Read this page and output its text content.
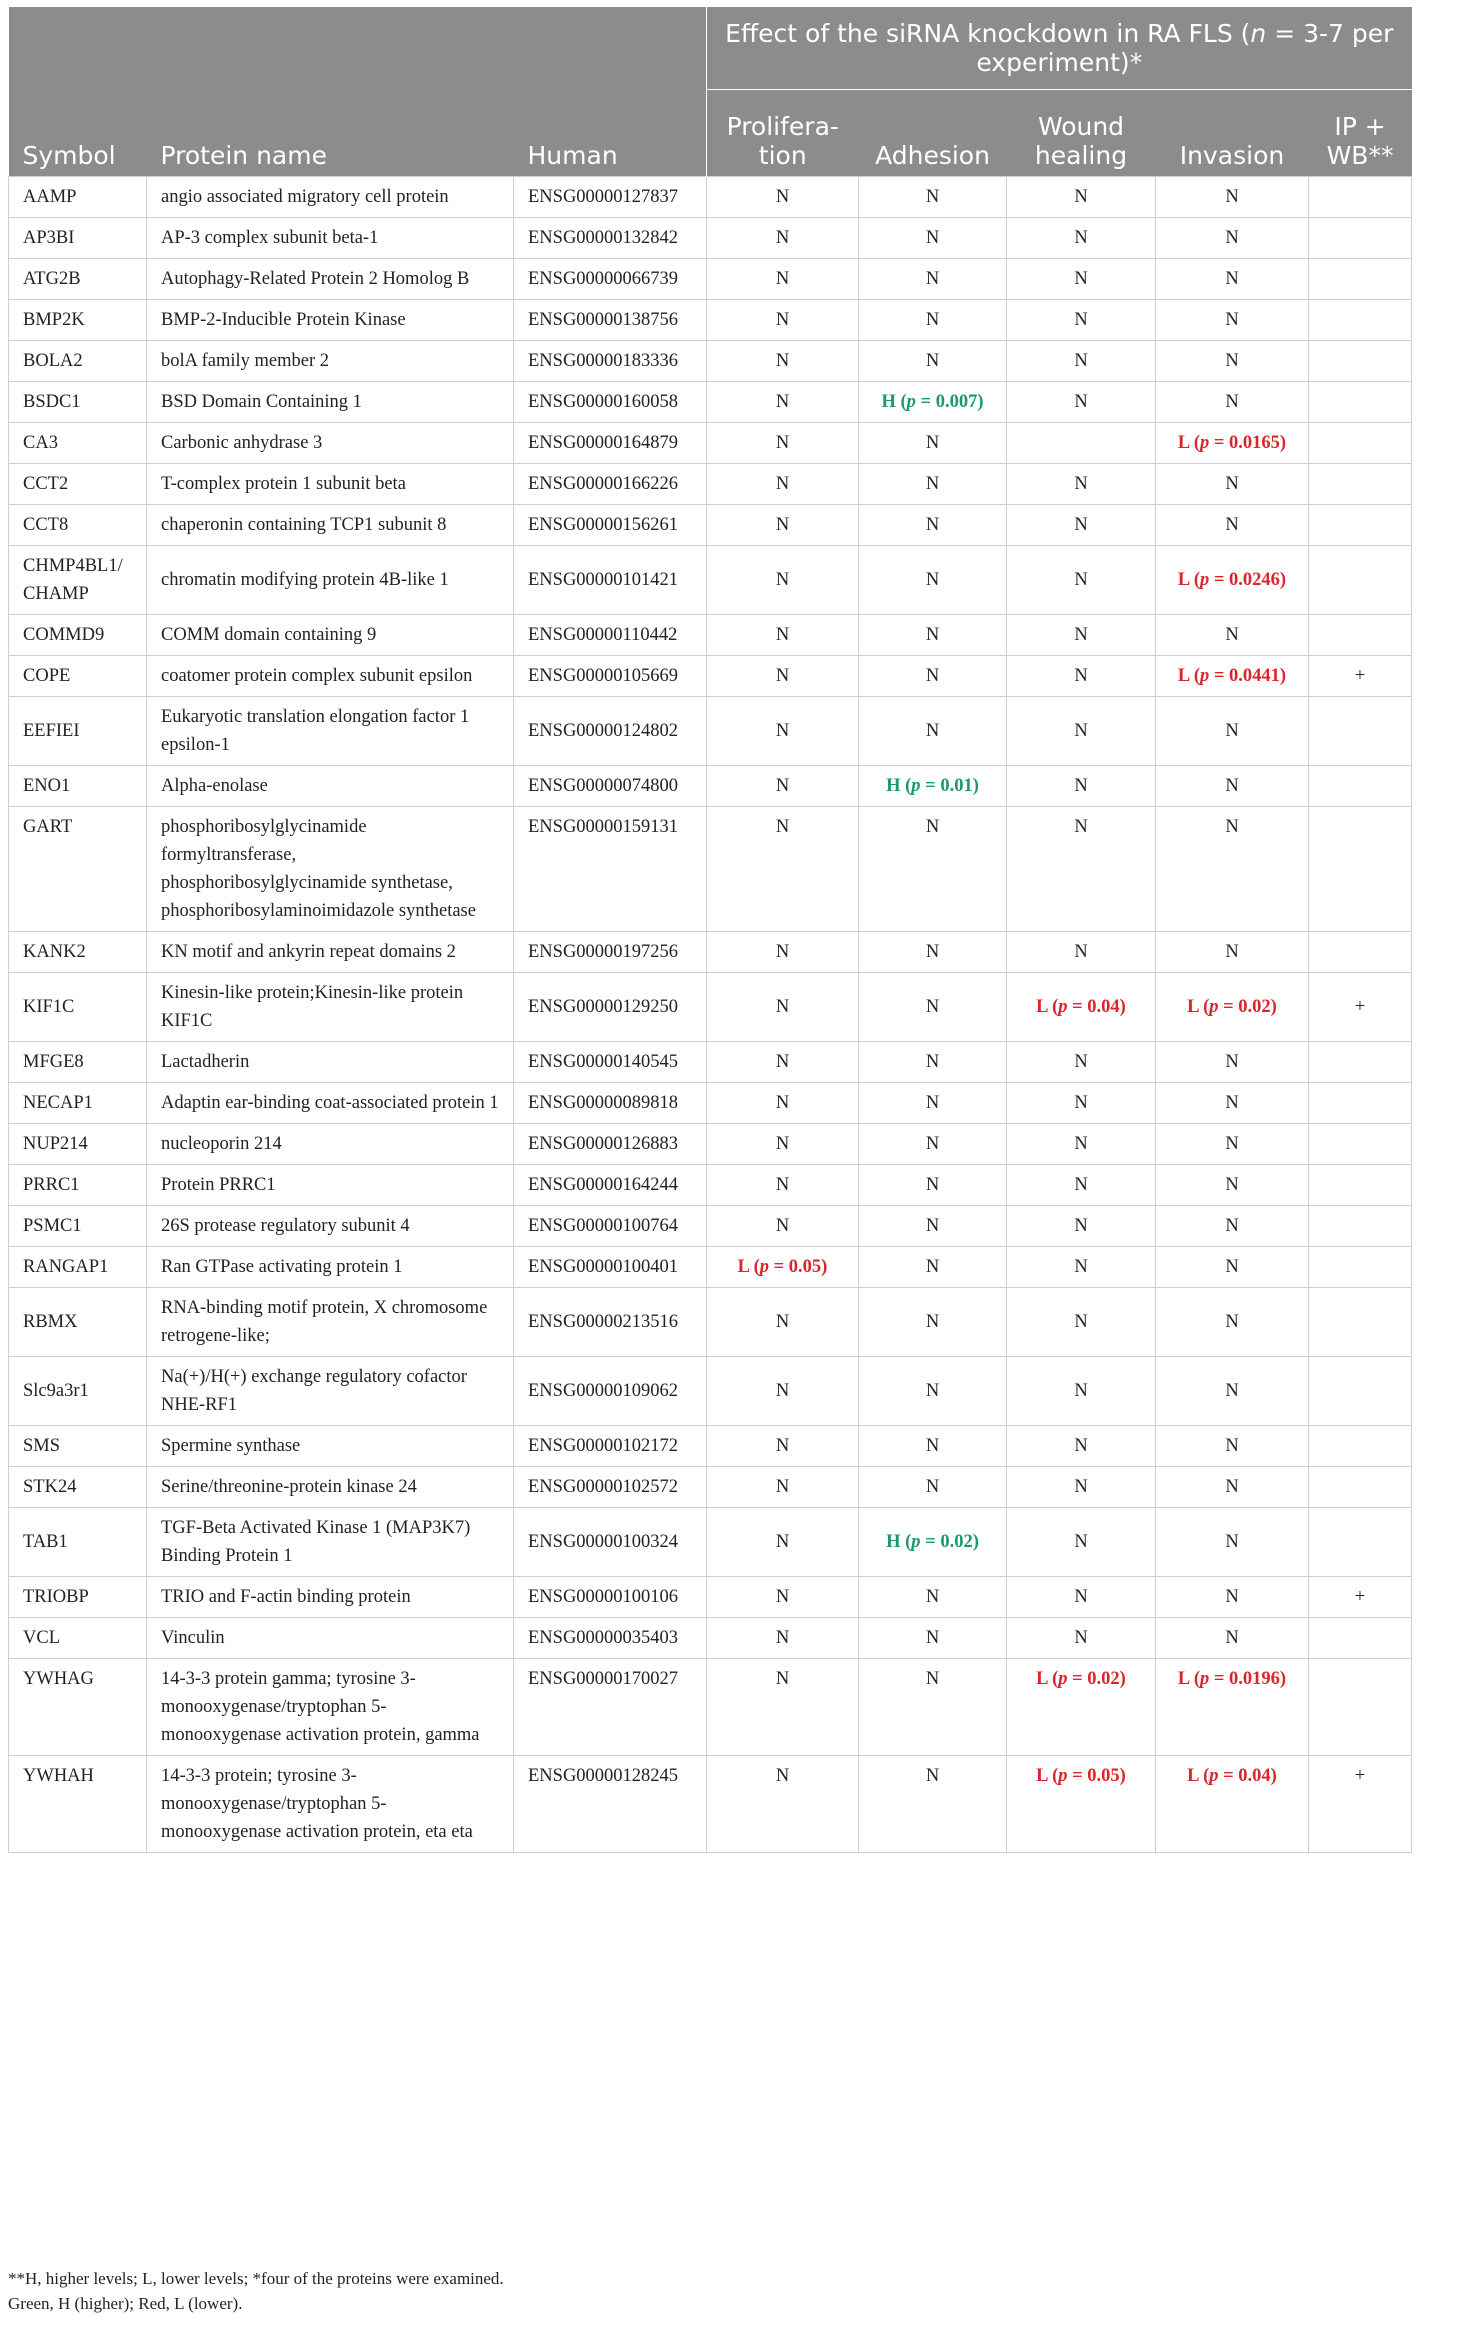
			Effect of the siRNA knockdown in RA FLS (n = 3-7 per experiment)*				
Symbol	Protein name	Human	Prolifera-tion	Adhesion	Wound healing	Invasion	IP + WB**
AAMP	angio associated migratory cell protein	ENSG00000127837	N	N	N	N	
AP3BI	AP-3 complex subunit beta-1	ENSG00000132842	N	N	N	N	
ATG2B	Autophagy-Related Protein 2 Homolog B	ENSG00000066739	N	N	N	N	
BMP2K	BMP-2-Inducible Protein Kinase	ENSG00000138756	N	N	N	N	
BOLA2	bolA family member 2	ENSG00000183336	N	N	N	N	
BSDC1	BSD Domain Containing 1	ENSG00000160058	N	H (p = 0.007)	N	N	
CA3	Carbonic anhydrase 3	ENSG00000164879	N	N		L (p = 0.0165)	
CCT2	T-complex protein 1 subunit beta	ENSG00000166226	N	N	N	N	
CCT8	chaperonin containing TCP1 subunit 8	ENSG00000156261	N	N	N	N	
CHMP4BL1/ CHAMP	chromatin modifying protein 4B-like 1	ENSG00000101421	N	N	N	L (p = 0.0246)	
COMMD9	COMM domain containing 9	ENSG00000110442	N	N	N	N	
COPE	coatomer protein complex subunit epsilon	ENSG00000105669	N	N	N	L (p = 0.0441)	+
EEFIEI	Eukaryotic translation elongation factor 1 epsilon-1	ENSG00000124802	N	N	N	N	
ENO1	Alpha-enolase	ENSG00000074800	N	H (p = 0.01)	N	N	
GART	phosphoribosylglycinamide formyltransferase, phosphoribosylglycinamide synthetase, phosphoribosylaminoimidazole synthetase	ENSG00000159131	N	N	N	N	
KANK2	KN motif and ankyrin repeat domains 2	ENSG00000197256	N	N	N	N	
KIF1C	Kinesin-like protein;Kinesin-like protein KIF1C	ENSG00000129250	N	N	L (p = 0.04)	L (p = 0.02)	+
MFGE8	Lactadherin	ENSG00000140545	N	N	N	N	
NECAP1	Adaptin ear-binding coat-associated protein 1	ENSG00000089818	N	N	N	N	
NUP214	nucleoporin 214	ENSG00000126883	N	N	N	N	
PRRC1	Protein PRRC1	ENSG00000164244	N	N	N	N	
PSMC1	26S protease regulatory subunit 4	ENSG00000100764	N	N	N	N	
RANGAP1	Ran GTPase activating protein 1	ENSG00000100401	L (p = 0.05)	N	N	N	
RBMX	RNA-binding motif protein, X chromosome retrogene-like;	ENSG00000213516	N	N	N	N	
Slc9a3r1	Na(+)/H(+) exchange regulatory cofactor NHE-RF1	ENSG00000109062	N	N	N	N	
SMS	Spermine synthase	ENSG00000102172	N	N	N	N	
STK24	Serine/threonine-protein kinase 24	ENSG00000102572	N	N	N	N	
TAB1	TGF-Beta Activated Kinase 1 (MAP3K7) Binding Protein 1	ENSG00000100324	N	H (p = 0.02)	N	N	
TRIOBP	TRIO and F-actin binding protein	ENSG00000100106	N	N	N	N	+
VCL	Vinculin	ENSG00000035403	N	N	N	N	
YWHAG	14-3-3 protein gamma; tyrosine 3-monooxygenase/tryptophan 5-monooxygenase activation protein, gamma	ENSG00000170027	N	N	L (p = 0.02)	L (p = 0.0196)	
YWHAH	14-3-3 protein; tyrosine 3-monooxygenase/tryptophan 5-monooxygenase activation protein, eta eta	ENSG00000128245	N	N	L (p = 0.05)	L (p = 0.04)	+
**H, higher levels; L, lower levels; *four of the proteins were examined.
Green, H (higher); Red, L (lower).
